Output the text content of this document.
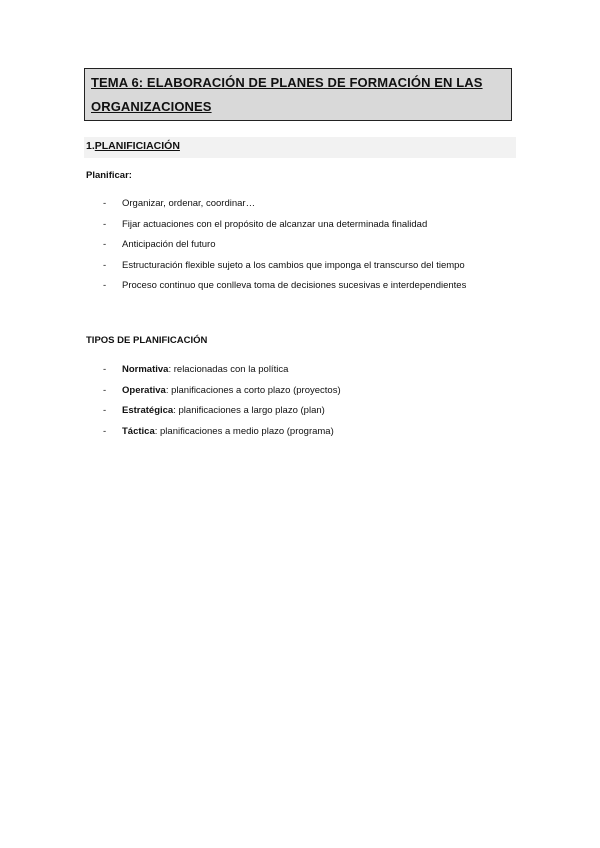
TEMA 6: ELABORACIÓN DE PLANES DE FORMACIÓN EN LAS

ORGANIZACIONES

1.PLANIFICIACIÓN

Planificar:

- Organizar, ordenar, coordinar…
- Fijar actuaciones con el propósito de alcanzar una determinada finalidad
- Anticipación del futuro
- Estructuración flexible sujeto a los cambios que imponga el transcurso del tiempo
- Proceso continuo que conlleva toma de decisiones sucesivas e interdependientes

TIPOS DE PLANIFICACIÓN

- Normativa: relacionadas con la política
- Operativa: planificaciones a corto plazo (proyectos)
- Estratégica: planificaciones a largo plazo (plan)
- Táctica: planificaciones a medio plazo (programa)
